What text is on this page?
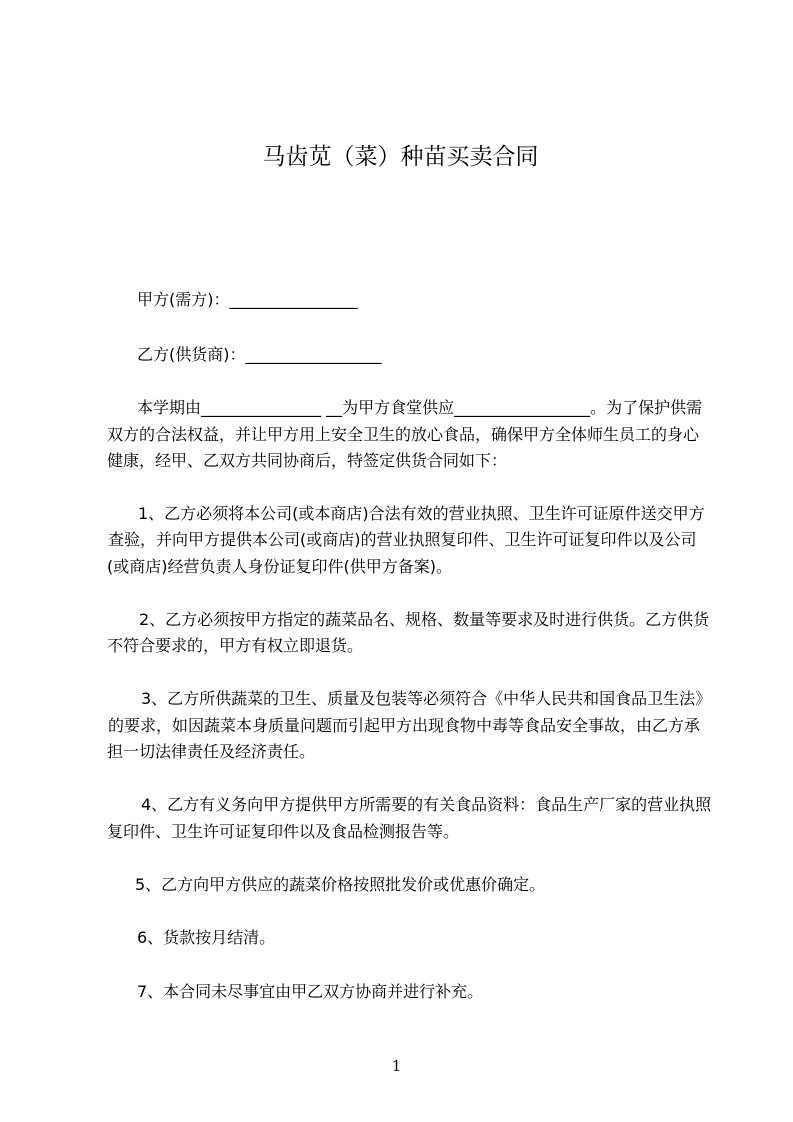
马齿苋（菜）种苗买卖合同
甲方(需方)：________________
乙方(供货商)：_________________
本学期由_______________ __为甲方食堂供应_________________。为了保护供需
双方的合法权益，并让甲方用上安全卫生的放心食品，确保甲方全体师生员工的身心
健康，经甲、乙双方共同协商后，特签定供货合同如下：
1、乙方必须将本公司(或本商店)合法有效的营业执照、卫生许可证原件送交甲方
查验，并向甲方提供本公司(或商店)的营业执照复印件、卫生许可证复印件以及公司
(或商店)经营负责人身份证复印件(供甲方备案)。
2、乙方必须按甲方指定的蔬菜品名、规格、数量等要求及时进行供货。乙方供货
不符合要求的，甲方有权立即退货。
3、乙方所供蔬菜的卫生、质量及包装等必须符合《中华人民共和国食品卫生法》
的要求，如因蔬菜本身质量问题而引起甲方出现食物中毒等食品安全事故，由乙方承
担一切法律责任及经济责任。
4、乙方有义务向甲方提供甲方所需要的有关食品资料：食品生产厂家的营业执照
复印件、卫生许可证复印件以及食品检测报告等。
5、乙方向甲方供应的蔬菜价格按照批发价或优惠价确定。
6、货款按月结清。
7、本合同未尽事宜由甲乙双方协商并进行补充。
1
